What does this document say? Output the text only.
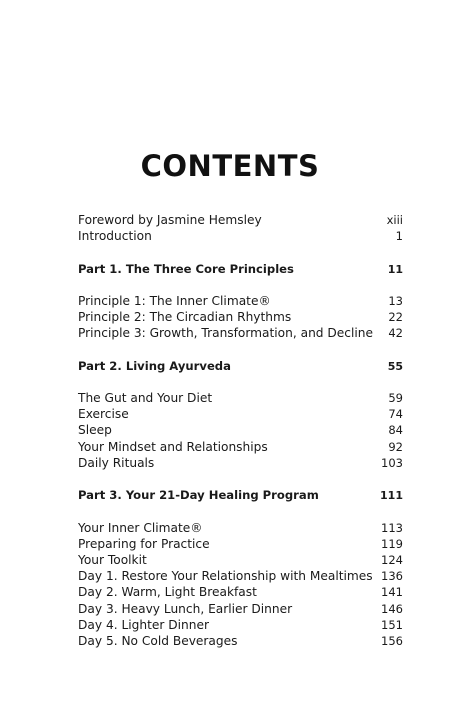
CONTENTS
Foreword by Jasmine Hemsley	xiii
Introduction	1
Part 1. The Three Core Principles	11
Principle 1: The Inner Climate®	13
Principle 2: The Circadian Rhythms	22
Principle 3: Growth, Transformation, and Decline 42
Part 2. Living Ayurveda	55
The Gut and Your Diet	59
Exercise	74
Sleep	84
Your Mindset and Relationships	92
Daily Rituals	103
Part 3. Your 21-Day Healing Program	111
Your Inner Climate®	113
Preparing for Practice	119
Your Toolkit	124
Day 1. Restore Your Relationship with Mealtimes 136
Day 2. Warm, Light Breakfast	141
Day 3. Heavy Lunch, Earlier Dinner	146
Day 4. Lighter Dinner	151
Day 5. No Cold Beverages	156
